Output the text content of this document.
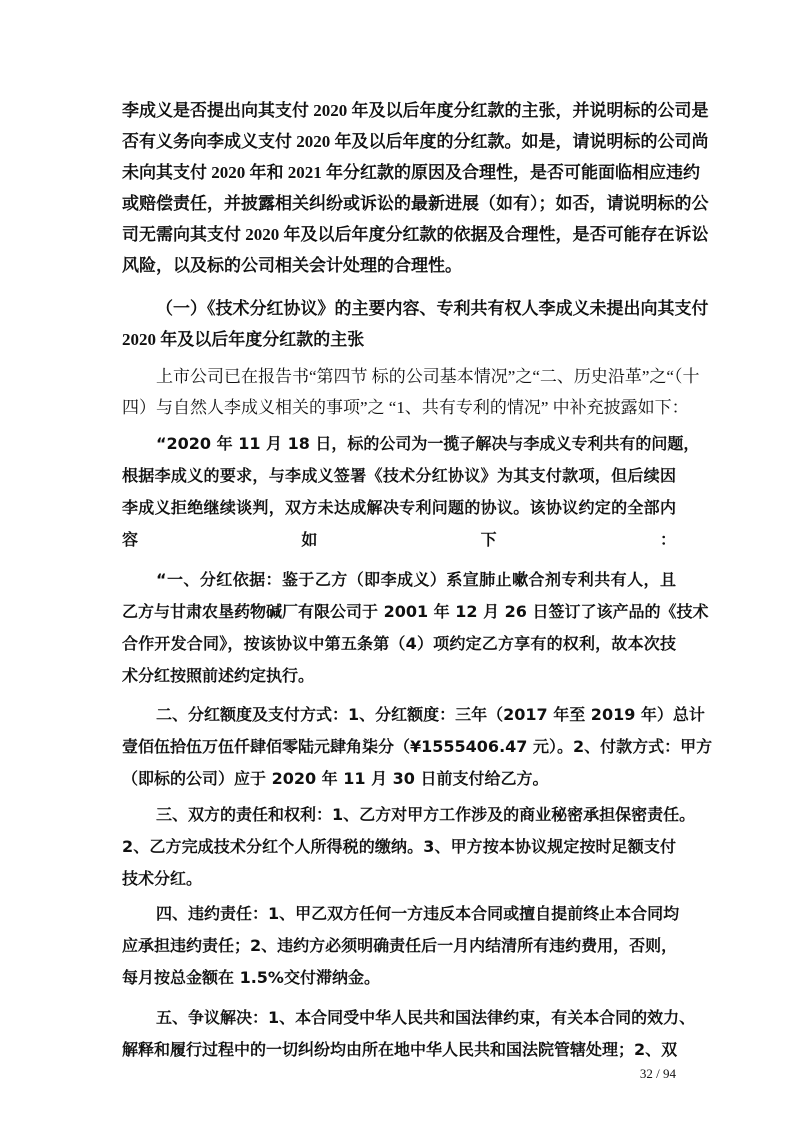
李成义是否提出向其支付 2020 年及以后年度分红款的主张，并说明标的公司是
否有义务向李成义支付 2020 年及以后年度的分红款。如是，请说明标的公司尚
未向其支付 2020 年和 2021 年分红款的原因及合理性，是否可能面临相应违约
或赔偿责任，并披露相关纠纷或诉讼的最新进展（如有）；如否，请说明标的公
司无需向其支付 2020 年及以后年度分红款的依据及合理性，是否可能存在诉讼
风险，以及标的公司相关会计处理的合理性。
（一）《技术分红协议》的主要内容、专利共有权人李成义未提出向其支付
2020 年及以后年度分红款的主张
上市公司已在报告书“第四节 标的公司基本情况”之“二、历史沿革”之“（十
四）与自然人李成义相关的事项”之 “1、共有专利的情况” 中补充披露如下：
“2020 年 11 月 18 日，标的公司为一揽子解决与李成义专利共有的问题，
根据李成义的要求，与李成义签署《技术分红协议》为其支付款项，但后续因
李成义拒绝继续谈判，双方未达成解决专利问题的协议。该协议约定的全部内
容如下：
“一、分红依据：鉴于乙方（即李成义）系宣肺止嗽合剂专利共有人，且
乙方与甘肃农垦药物碱厂有限公司于 2001 年 12 月 26 日签订了该产品的《技术
合作开发合同》，按该协议中第五条第（4）项约定乙方享有的权利，故本次技
术分红按照前述约定执行。
二、分红额度及支付方式：1、分红额度：三年（2017 年至 2019 年）总计
壹佰伍拾伍万伍仟肆佰零陆元肆角柒分（¥1555406.47 元）。2、付款方式：甲方
（即标的公司）应于 2020 年 11 月 30 日前支付给乙方。
三、双方的责任和权利：1、乙方对甲方工作涉及的商业秘密承担保密责任。
2、乙方完成技术分红个人所得税的缴纳。3、甲方按本协议规定按时足额支付
技术分红。
四、违约责任：1、甲乙双方任何一方违反本合同或擅自提前终止本合同均
应承担违约责任；2、违约方必须明确责任后一月内结清所有违约费用，否则，
每月按总金额在 1.5%交付滞纳金。
五、争议解决：1、本合同受中华人民共和国法律约束，有关本合同的效力、
解释和履行过程中的一切纠纷均由所在地中华人民共和国法院管辖处理；2、双
32 / 94
